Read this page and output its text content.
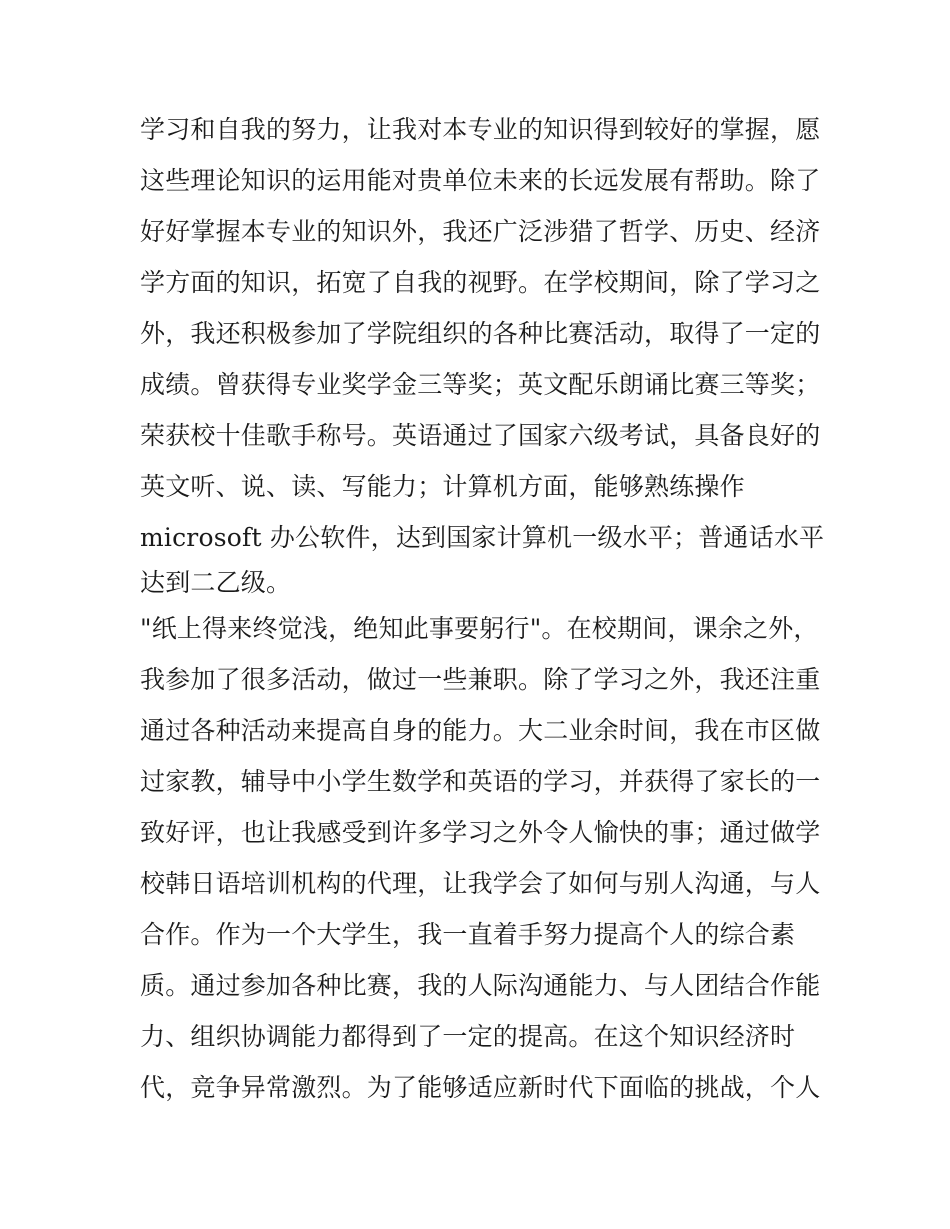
学习和自我的努力，让我对本专业的知识得到较好的掌握，愿
这些理论知识的运用能对贵单位未来的长远发展有帮助。除了
好好掌握本专业的知识外，我还广泛涉猎了哲学、历史、经济
学方面的知识，拓宽了自我的视野。在学校期间，除了学习之
外，我还积极参加了学院组织的各种比赛活动，取得了一定的
成绩。曾获得专业奖学金三等奖；英文配乐朗诵比赛三等奖；
荣获校十佳歌手称号。英语通过了国家六级考试，具备良好的
英文听、说、读、写能力；计算机方面，能够熟练操作
microsoft 办公软件，达到国家计算机一级水平；普通话水平
达到二乙级。
"纸上得来终觉浅，绝知此事要躬行"。在校期间，课余之外，
我参加了很多活动，做过一些兼职。除了学习之外，我还注重
通过各种活动来提高自身的能力。大二业余时间，我在市区做
过家教，辅导中小学生数学和英语的学习，并获得了家长的一
致好评，也让我感受到许多学习之外令人愉快的事；通过做学
校韩日语培训机构的代理，让我学会了如何与别人沟通，与人
合作。作为一个大学生，我一直着手努力提高个人的综合素
质。通过参加各种比赛，我的人际沟通能力、与人团结合作能
力、组织协调能力都得到了一定的提高。在这个知识经济时
代，竞争异常激烈。为了能够适应新时代下面临的挑战，个人
